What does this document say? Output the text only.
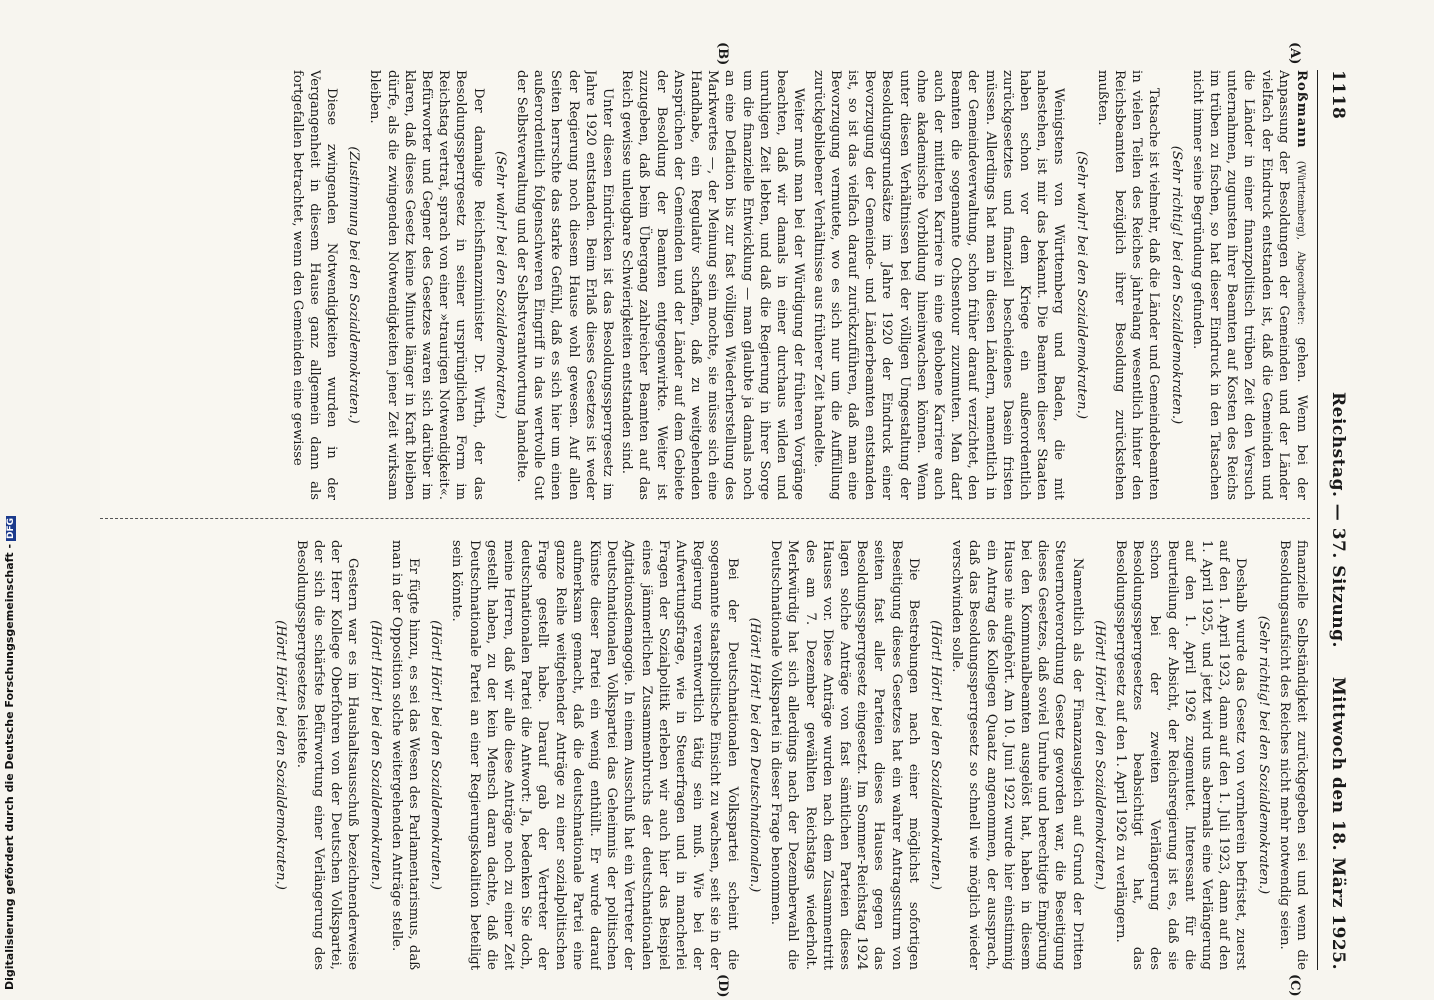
1118
Reichstag. — 37. Sitzung.
Mittwoch den 18. März 1925.

Roßmann (Württemberg), Abgeordneter: gehen. Wenn bei der Anpassung der Besoldungen der Gemeinden und der Länder vielfach der Eindruck entstanden ist, daß die Gemeinden und die Länder in einer finanzpolitisch trüben Zeit den Versuch unternahmen, zugunsten ihrer Beamten auf Kosten des Reichs im trüben zu fischen, so hat dieser Eindruck in den Tatsachen nicht immer seine Begründung gefunden.

(Sehr richtig! bei den Sozialdemokraten.)

Tatsache ist vielmehr, daß die Länder und Gemeindebeamten in vielen Teilen des Reiches jahrelang wesentlich hinter den Reichsbeamten bezüglich ihrer Besoldung zurückstehen mußten.

(Sehr wahr! bei den Sozialdemokraten.)

Wenigstens von Württemberg und Baden, die mit nahestehen, ist mir das bekannt. Die Beamten dieser Staaten haben schon vor dem Kriege ein außerordentlich zurückgesetztes und finanziell bescheidenes Dasein fristen müssen. Allerdings hat man in diesen Ländern, namentlich in der Gemeindeverwaltung, schon früher darauf verzichtet, den Beamten die sogenannte Ochsentour zuzumuten. Man darf auch der mittleren Karriere in eine gehobene Karriere auch ohne akademische Vorbildung hineinwachsen können. Wenn unter diesen Verhältnissen bei der völligen Umgestaltung der Besoldungsgrundsätze im Jahre 1920 der Eindruck einer Bevorzugung der Gemeinde- und Länderbeamten entstanden ist, so ist das vielfach darauf zurückzuführen, daß man eine Bevorzugung vermutete, wo es sich nur um die Auffüllung zurückgebliebener Verhältnisse aus früherer Zeit handelte.

Weiter muß man bei der Würdigung der früheren Vorgänge beachten, daß wir damals in einer durchaus wilden und unruhigen Zeit lebten, und daß die Regierung in ihrer Sorge um die finanzielle Entwicklung — man glaubte ja damals noch an eine Deflation bis zur fast völligen Wiederherstellung des Markwertes —, der Meinung sein mochte, sie müsse sich eine Handhabe, ein Regulativ schaffen, daß zu weitgehenden Ansprüchen der Gemeinden und der Länder auf dem Gebiete der Besoldung der Beamten entgegenwirkte. Weiter ist zuzugeben, daß beim Übergang zahlreicher Beamten auf das Reich gewisse unleugbare Schwierigkeiten entstanden sind.

Unter diesen Eindrücken ist das Besoldungssperrgesetz im Jahre 1920 entstanden. Beim Erlaß dieses Gesetzes ist weder der Regierung noch diesem Hause wohl gewesen. Auf allen Seiten herrschte das starke Gefühl, daß es sich hier um einen außerordentlich folgenschweren Eingriff in das wertvolle Gut der Selbstverwaltung und der Selbstverantwortung handelte.

(Sehr wahr! bei den Sozialdemokraten.)

Der damalige Reichsfinanzminister Dr. Wirth, der das Besoldungssperrgesetz in seiner ursprünglichen Form im Reichstag vertrat, sprach von einer »traurigen Notwendigkeit«. Befürworter und Gegner des Gesetzes waren sich darüber im klaren, daß dieses Gesetz keine Minute länger in Kraft bleiben dürfe, als die zwingenden Notwendigkeiten jener Zeit wirksam bleiben.

(Zustimmung bei den Sozialdemokraten.)

Diese zwingenden Notwendigkeiten wurden in der Vergangenheit in diesem Hause ganz allgemein dann als fortgefallen betrachtet, wenn den Gemeinden eine gewisse

finanzielle Selbständigkeit zurückgegeben sei und wenn die Besoldungsaufsicht des Reiches nicht mehr notwendig seien.

(Sehr richtig! bei den Sozialdemokraten.)

Deshalb wurde das Gesetz von vornherein befristet, zuerst auf den 1. April 1923, dann auf den 1. Juli 1923, dann auf den 1. April 1925, und jetzt wird uns abermals eine Verlängerung auf den 1. April 1926 zugemutet. Interessant für die Beurteilung der Absicht, der Reichsregierung ist es, daß sie schon bei der zweiten Verlängerung des Besoldungssperrgesetzes beabsichtigt hat, das Besoldungssperrgesetz auf den 1. April 1926 zu verlängern.

(Hört! Hört! bei den Sozialdemokraten.)

Namentlich als der Finanzausgleich auf Grund der Dritten Steuernotverordnung Gesetz geworden war, die Beseitigung dieses Gesetzes, daß soviel Unruhe und berechtigte Empörung bei den Kommunalbeamten ausgelöst hat, haben in diesem Hause nie aufgehört. Am 10. Juni 1922 wurde hier einstimmig ein Antrag des Kollegen Quaatz angenommen, der aussprach, daß das Besoldungssperrgesetz so schnell wie möglich wieder verschwinden solle.

(Hört! Hört! bei den Sozialdemokraten.)

Die Bestrebungen nach einer möglichst sofortigen Beseitigung dieses Gesetzes hat ein wahrer Antragssturm von seiten fast aller Parteien dieses Hauses gegen das Besoldungssperrgesetz eingesetzt. Im Sommer-Reichstag 1924 lagen solche Anträge von fast sämtlichen Parteien dieses Hauses vor. Diese Anträge wurden nach dem Zusammentritt des am 7. Dezember gewählten Reichstags wiederholt. Merkwürdig hat sich allerdings nach der Dezemberwahl die Deutschnationale Volkspartei in dieser Frage benommen.

(Hört! Hört! bei den Deutschnationalen.)

Bei der Deutschnationalen Volkspartei scheint die sogenannte staatspolitische Einsicht zu wachsen, seit sie in der Regierung verantwortlich tätig sein muß. Wie bei der Aufwertungsfrage, wie in Steuerfragen und in mancherlei Fragen der Sozialpolitik erleben wir auch hier das Beispiel eines jämmerlichen Zusammenbruchs der deutschnationalen Agitationsdemagogie. In einem Ausschuß hat ein Vertreter der Deutschnationalen Volkspartei das Geheimnis der politischen Künste dieser Partei ein wenig enthüllt. Er wurde darauf aufmerksam gemacht, daß die deutschnationale Partei eine ganze Reihe weitgehender Anträge zu einer sozialpolitischen Frage gestellt habe. Darauf gab der Vertreter der deutschnationalen Partei die Antwort: Ja, bedenken Sie doch, meine Herren, daß wir alle diese Anträge noch zu einer Zeit gestellt haben, zu der kein Mensch daran dachte, daß die Deutschnationale Partei an einer Regierungskoalition beteiligt sein könnte.

(Hört! Hört! bei den Sozialdemokraten.)

Er fügte hinzu, es sei das Wesen des Parlamentarismus, daß man in der Opposition solche weitergehenden Anträge stelle.

(Hört! Hört! bei den Sozialdemokraten.)

Gestern war es im Haushaltsausschuß bezeichnenderweise der Herr Kollege Oberfohren von der Deutschen Volkspartei, der sich die schärfste Befürwortung einer Verlängerung des Besoldungssperrgesetzes leistete.

(Hört! Hört! bei den Sozialdemokraten.)

(A)
(B)
(C)
(D)
Digitalisierung gefördert durch die Deutsche Forschungsgemeinschaft -DFG
